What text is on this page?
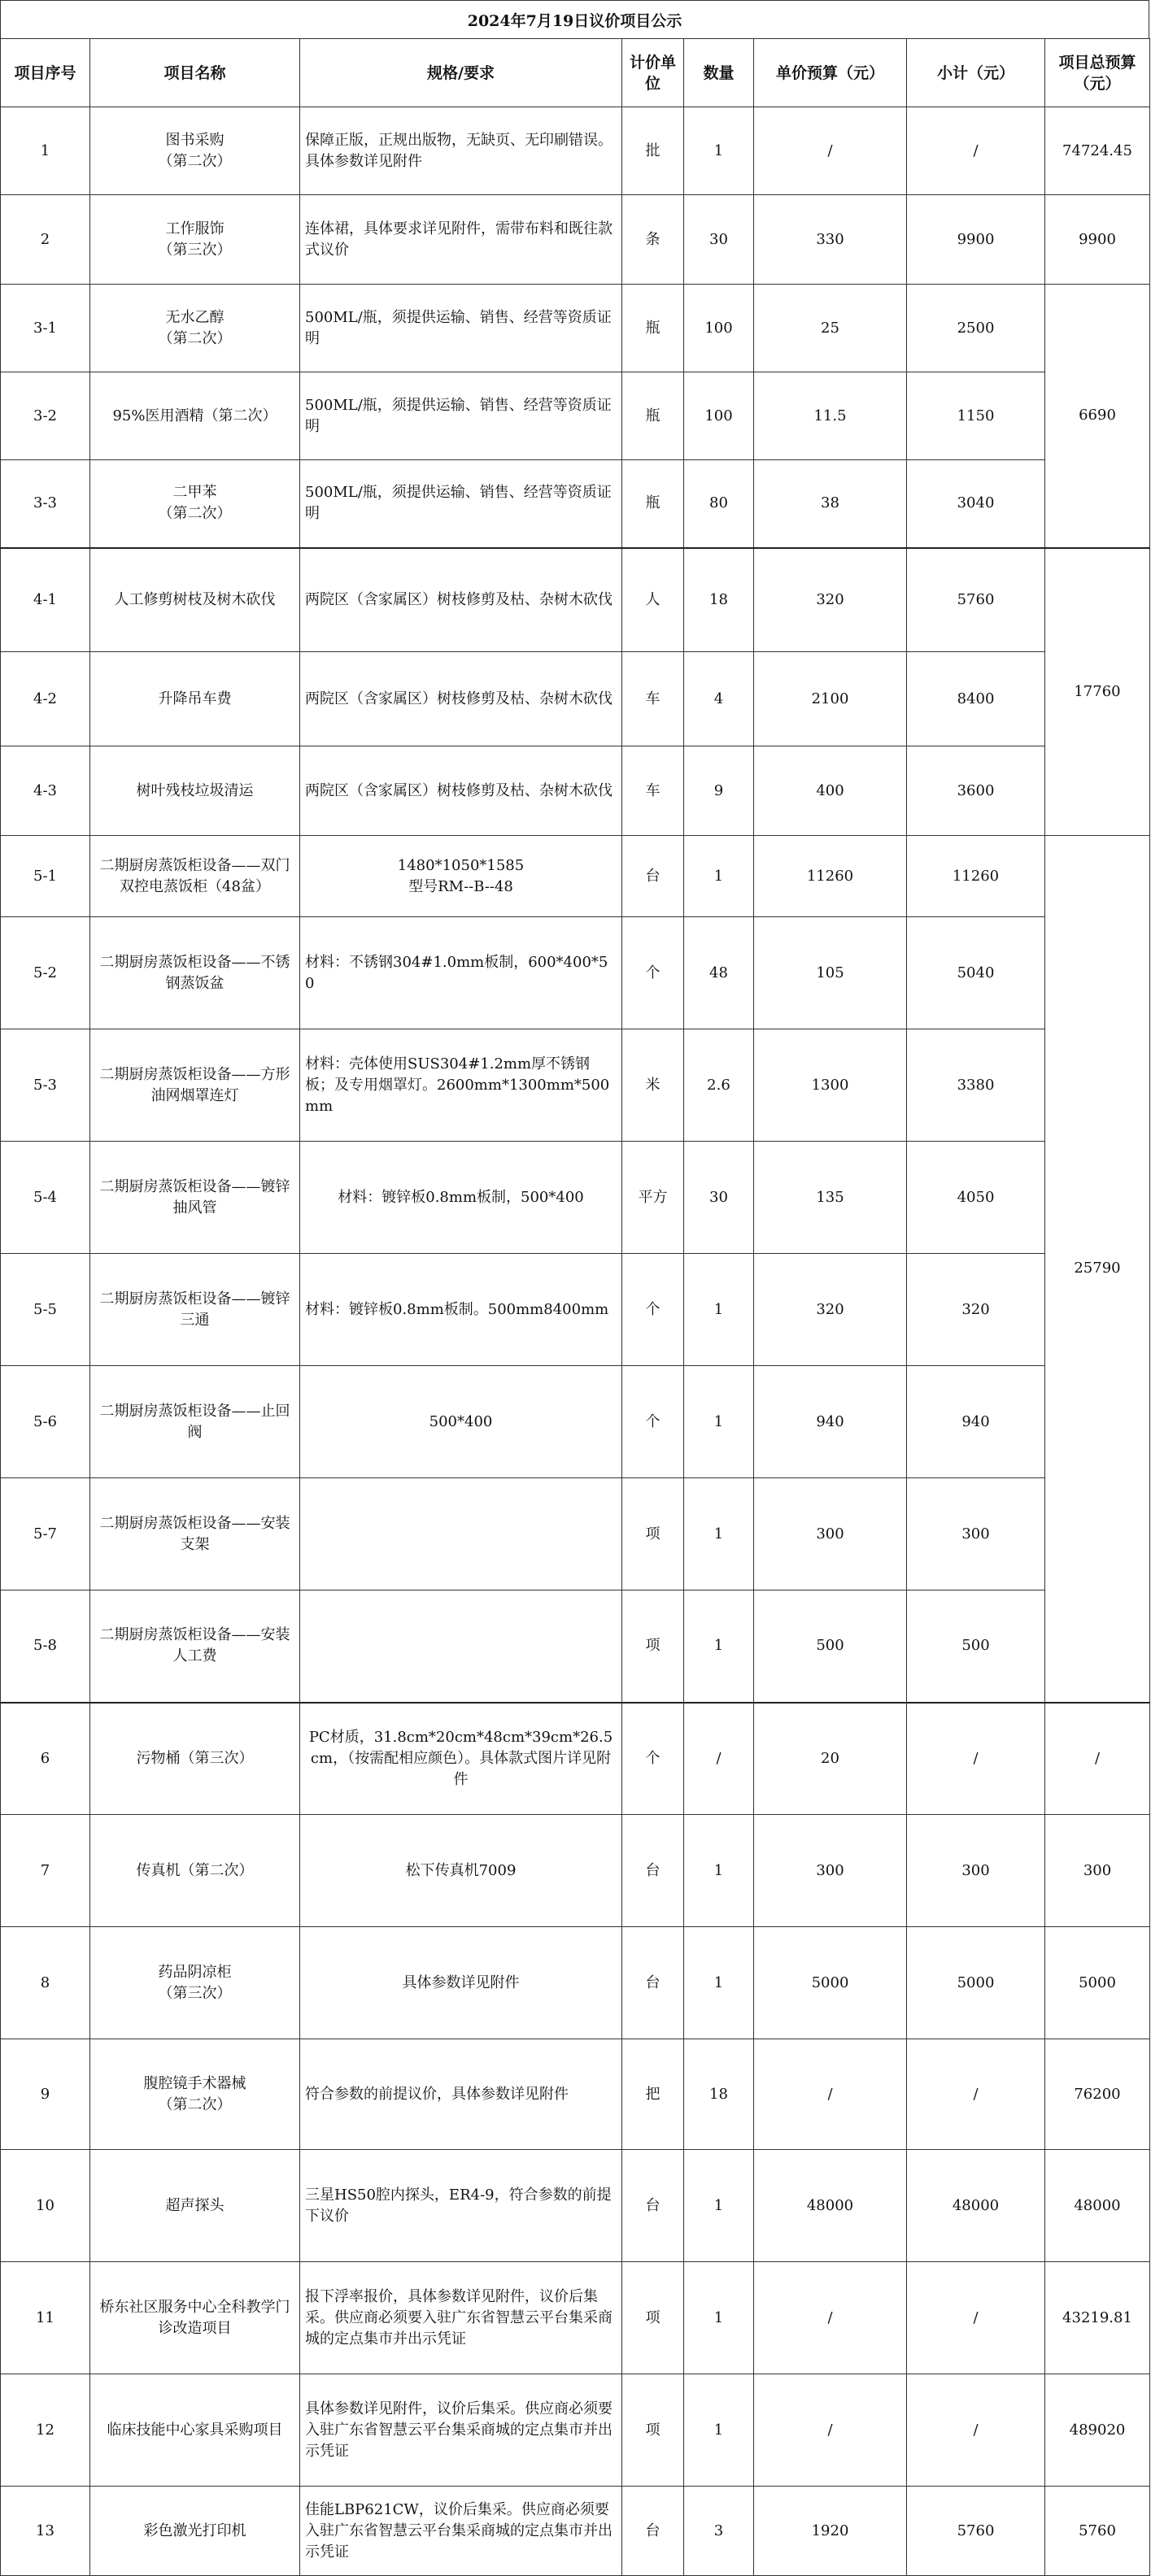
2024年7月19日议价项目公示
项目序号	项目名称	规格/要求	计价单位	数量	单价预算（元）	小计（元）	项目总预算（元）
1	图书采购
（第二次）	保障正版，正规出版物，无缺页、无印刷错误。具体参数详见附件	批	1	/	/	74724.45
2	工作服饰
（第三次）	连体裙，具体要求详见附件，需带布料和既往款式议价	条	30	330	9900	9900
3-1	无水乙醇
（第二次）	500ML/瓶，须提供运输、销售、经营等资质证明	瓶	100	25	2500	6690
3-2	95%医用酒精（第二次）	500ML/瓶，须提供运输、销售、经营等资质证明	瓶	100	11.5	1150	
3-3	二甲苯
（第二次）	500ML/瓶，须提供运输、销售、经营等资质证明	瓶	80	38	3040	
4-1	人工修剪树枝及树木砍伐	两院区（含家属区）树枝修剪及枯、杂树木砍伐	人	18	320	5760	17760
4-2	升降吊车费	两院区（含家属区）树枝修剪及枯、杂树木砍伐	车	4	2100	8400	
4-3	树叶残枝垃圾清运	两院区（含家属区）树枝修剪及枯、杂树木砍伐	车	9	400	3600	
5-1	二期厨房蒸饭柜设备——双门双控电蒸饭柜（48盆）	1480*1050*1585
型号RM--B--48	台	1	11260	11260	25790
5-2	二期厨房蒸饭柜设备——不锈钢蒸饭盆	材料：不锈钢304#1.0mm板制，600*400*50	个	48	105	5040	
5-3	二期厨房蒸饭柜设备——方形油网烟罩连灯	材料：壳体使用SUS304#1.2mm厚不锈钢板；及专用烟罩灯。2600mm*1300mm*500mm	米	2.6	1300	3380	
5-4	二期厨房蒸饭柜设备——镀锌抽风管	材料：镀锌板0.8mm板制，500*400	平方	30	135	4050	
5-5	二期厨房蒸饭柜设备——镀锌三通	材料：镀锌板0.8mm板制。500mm8400mm	个	1	320	320	
5-6	二期厨房蒸饭柜设备——止回阀	500*400	个	1	940	940	
5-7	二期厨房蒸饭柜设备——安装支架		项	1	300	300	
5-8	二期厨房蒸饭柜设备——安装人工费		项	1	500	500	
6	污物桶（第三次）	PC材质，31.8cm*20cm*48cm*39cm*26.5cm，（按需配相应颜色）。具体款式图片详见附件	个	/	20	/	/
7	传真机（第二次）	松下传真机7009	台	1	300	300	300
8	药品阴凉柜
（第三次）	具体参数详见附件	台	1	5000	5000	5000
9	腹腔镜手术器械
（第二次）	符合参数的前提议价，具体参数详见附件	把	18	/	/	76200
10	超声探头	三星HS50腔内探头，ER4-9，符合参数的前提下议价	台	1	48000	48000	48000
11	桥东社区服务中心全科教学门诊改造项目	报下浮率报价，具体参数详见附件，议价后集采。供应商必须要入驻广东省智慧云平台集采商城的定点集市并出示凭证	项	1	/	/	43219.81
12	临床技能中心家具采购项目	具体参数详见附件，议价后集采。供应商必须要入驻广东省智慧云平台集采商城的定点集市并出示凭证	项	1	/	/	489020
13	彩色激光打印机	佳能LBP621CW，议价后集采。供应商必须要入驻广东省智慧云平台集采商城的定点集市并出示凭证	台	3	1920	5760	5760
